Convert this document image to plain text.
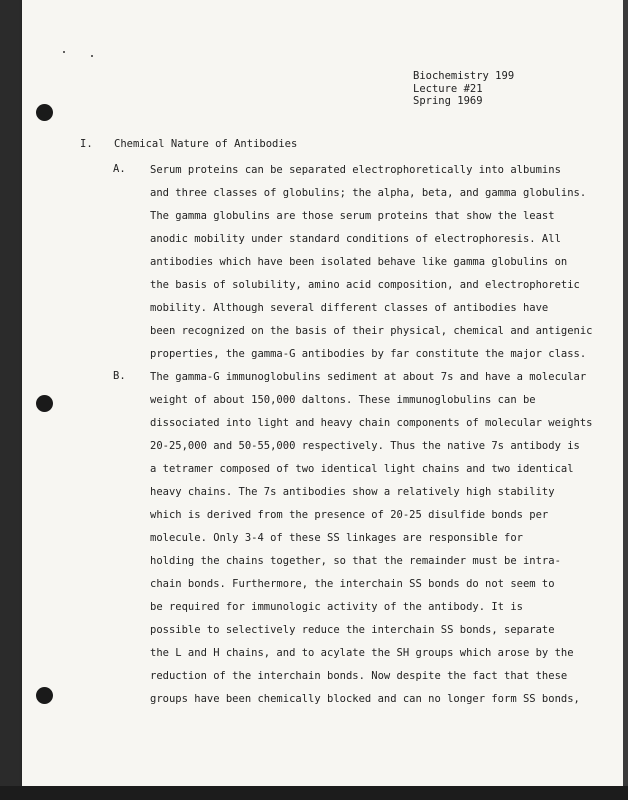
Biochemistry 199
Lecture #21
Spring 1969
I. Chemical Nature of Antibodies
A. Serum proteins can be separated electrophoretically into albumins
and three classes of globulins; the alpha, beta, and gamma globulins.
The gamma globulins are those serum proteins that show the least
anodic mobility under standard conditions of electrophoresis. All
antibodies which have been isolated behave like gamma globulins on
the basis of solubility, amino acid composition, and electrophoretic
mobility. Although several different classes of antibodies have
been recognized on the basis of their physical, chemical and antigenic
properties, the gamma-G antibodies by far constitute the major class.
B. The gamma-G immunoglobulins sediment at about 7s and have a molecular
weight of about 150,000 daltons. These immunoglobulins can be
dissociated into light and heavy chain components of molecular weights
20-25,000 and 50-55,000 respectively. Thus the native 7s antibody is
a tetramer composed of two identical light chains and two identical
heavy chains. The 7s antibodies show a relatively high stability
which is derived from the presence of 20-25 disulfide bonds per
molecule. Only 3-4 of these SS linkages are responsible for
holding the chains together, so that the remainder must be intra-
chain bonds. Furthermore, the interchain SS bonds do not seem to
be required for immunologic activity of the antibody. It is
possible to selectively reduce the interchain SS bonds, separate
the L and H chains, and to acylate the SH groups which arose by the
reduction of the interchain bonds. Now despite the fact that these
groups have been chemically blocked and can no longer form SS bonds,
